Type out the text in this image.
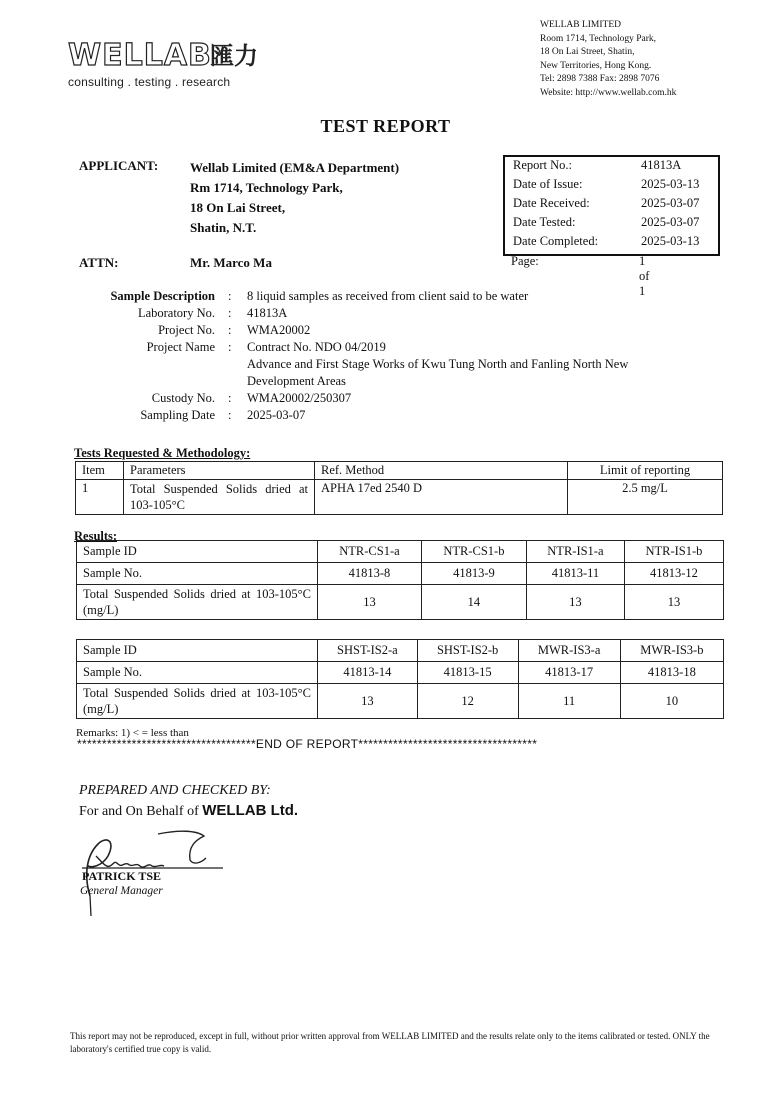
WELLAB
匯力
consulting . testing . research
WELLAB LIMITED
Room 1714, Technology Park,
18 On Lai Street, Shatin,
New Territories, Hong Kong.
Tel: 2898 7388 Fax: 2898 7076
Website: http://www.wellab.com.hk
TEST REPORT
APPLICANT: Wellab Limited (EM&A Department)
Rm 1714, Technology Park,
18 On Lai Street,
Shatin, N.T.
ATTN:	Mr. Marco Ma
Report No.:	41813A
Date of Issue:	2025-03-13
Date Received:	2025-03-07
Date Tested:	2025-03-07
Date Completed:	2025-03-13
Page:	1 of 1
Sample Description : 8 liquid samples as received from client said to be water
Laboratory No. : 41813A
Project No. : WMA20002
Project Name : Contract No. NDO 04/2019
Advance and First Stage Works of Kwu Tung North and Fanling North New
Development Areas
Custody No. : WMA20002/250307
Sampling Date : 2025-03-07
Tests Requested & Methodology:
Item	Parameters	Ref. Method	Limit of reporting
1	Total Suspended Solids dried at 103-105°C	APHA 17ed 2540 D	2.5 mg/L
Results:
Sample ID	NTR-CS1-a	NTR-CS1-b	NTR-IS1-a	NTR-IS1-b
Sample No.	41813-8	41813-9	41813-11	41813-12
Total Suspended Solids dried at 103-105°C (mg/L)	13	14	13	13
Sample ID	SHST-IS2-a	SHST-IS2-b	MWR-IS3-a	MWR-IS3-b
Sample No.	41813-14	41813-15	41813-17	41813-18
Total Suspended Solids dried at 103-105°C (mg/L)	13	12	11	10
Remarks: 1) < = less than
************************************END OF REPORT************************************
PREPARED AND CHECKED BY:
For and On Behalf of WELLAB Ltd.
PATRICK TSE
General Manager
This report may not be reproduced, except in full, without prior written approval from WELLAB LIMITED and the results relate only to the items calibrated or tested. ONLY the laboratory's certified true copy is valid.
